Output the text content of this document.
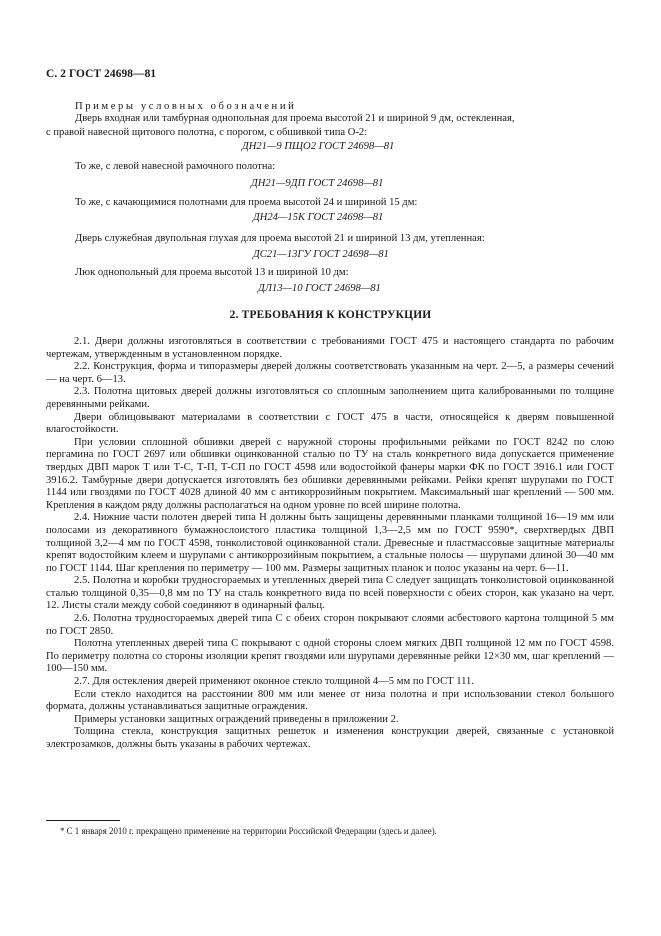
С. 2 ГОСТ 24698—81
Примеры условных обозначений
Дверь входная или тамбурная однопольная для проема высотой 21 и шириной 9 дм, остекленная,
с правой навесной щитового полотна, с порогом, с обшивкой типа О-2:
ДН21—9 ПЩО2 ГОСТ 24698—81
То же, с левой навесной рамочного полотна:
ДН21—9ДП ГОСТ 24698—81
То же, с качающимися полотнами для проема высотой 24 и шириной 15 дм:
ДН24—15К ГОСТ 24698—81
Дверь служебная двупольная глухая для проема высотой 21 и шириной 13 дм, утепленная:
ДС21—13ГУ ГОСТ 24698—81
Люк однопольный для проема высотой 13 и шириной 10 дм:
ДЛ13—10 ГОСТ 24698—81
2. ТРЕБОВАНИЯ К КОНСТРУКЦИИ

2.1. Двери должны изготовляться в соответствии с требованиями ГОСТ 475 и настоящего стандарта по рабочим чертежам, утвержденным в установленном порядке.

2.2. Конструкция, форма и типоразмеры дверей должны соответствовать указанным на черт. 2—5, а размеры сечений — на черт. 6—13.

2.3. Полотна щитовых дверей должны изготовляться со сплошным заполнением щита калиброванными по толщине деревянными рейками.

Двери облицовывают материалами в соответствии с ГОСТ 475 в части, относящейся к дверям повышенной влагостойкости.

При условии сплошной обшивки дверей с наружной стороны профильными рейками по ГОСТ 8242 по слою пергамина по ГОСТ 2697 или обшивки оцинкованной сталью по ТУ на сталь конкретного вида допускается применение твердых ДВП марок Т или Т-С, Т-П, Т-СП по ГОСТ 4598 или водостойкой фанеры марки ФК по ГОСТ 3916.1 или ГОСТ 3916.2. Тамбурные двери допускается изготовлять без обшивки деревянными рейками. Рейки крепят шурупами по ГОСТ 1144 или гвоздями по ГОСТ 4028 длиной 40 мм с антикоррозийным покрытием. Максимальный шаг креплений — 500 мм. Крепления в каждом ряду должны располагаться на одном уровне по всей ширине полотна.

2.4. Нижние части полотен дверей типа Н должны быть защищены деревянными планками толщиной 16—19 мм или полосами из декоративного бумажнослоистого пластика толщиной 1,3—2,5 мм по ГОСТ 9590*, сверхтвердых ДВП толщиной 3,2—4 мм по ГОСТ 4598, тонколистовой оцинкованной стали. Древесные и пластмассовые защитные материалы крепят водостойким клеем и шурупами с антикоррозийным покрытием, а стальные полосы — шурупами длиной 30—40 мм по ГОСТ 1144. Шаг крепления по периметру — 100 мм. Размеры защитных планок и полос указаны на черт. 6—11.

2.5. Полотна и коробки трудносгораемых и утепленных дверей типа С следует защищать тонколистовой оцинкованной сталью толщиной 0,35—0,8 мм по ТУ на сталь конкретного вида по всей поверхности с обеих сторон, как указано на черт. 12. Листы стали между собой соединяют в одинарный фальц.

2.6. Полотна трудносгораемых дверей типа С с обеих сторон покрывают слоями асбестового картона толщиной 5 мм по ГОСТ 2850.

Полотна утепленных дверей типа С покрывают с одной стороны слоем мягких ДВП толщиной 12 мм по ГОСТ 4598. По периметру полотна со стороны изоляции крепят гвоздями или шурупами деревянные рейки 12×30 мм, шаг креплений — 100—150 мм.

2.7. Для остекления дверей применяют оконное стекло толщиной 4—5 мм по ГОСТ 111.

Если стекло находится на расстоянии 800 мм или менее от низа полотна и при использовании стекол большого формата, должны устанавливаться защитные ограждения.

Примеры установки защитных ограждений приведены в приложении 2.

Толщина стекла, конструкция защитных решеток и изменения конструкции дверей, связанные с установкой электрозамков, должны быть указаны в рабочих чертежах.

* С 1 января 2010 г. прекращено применение на территории Российской Федерации (здесь и далее).
